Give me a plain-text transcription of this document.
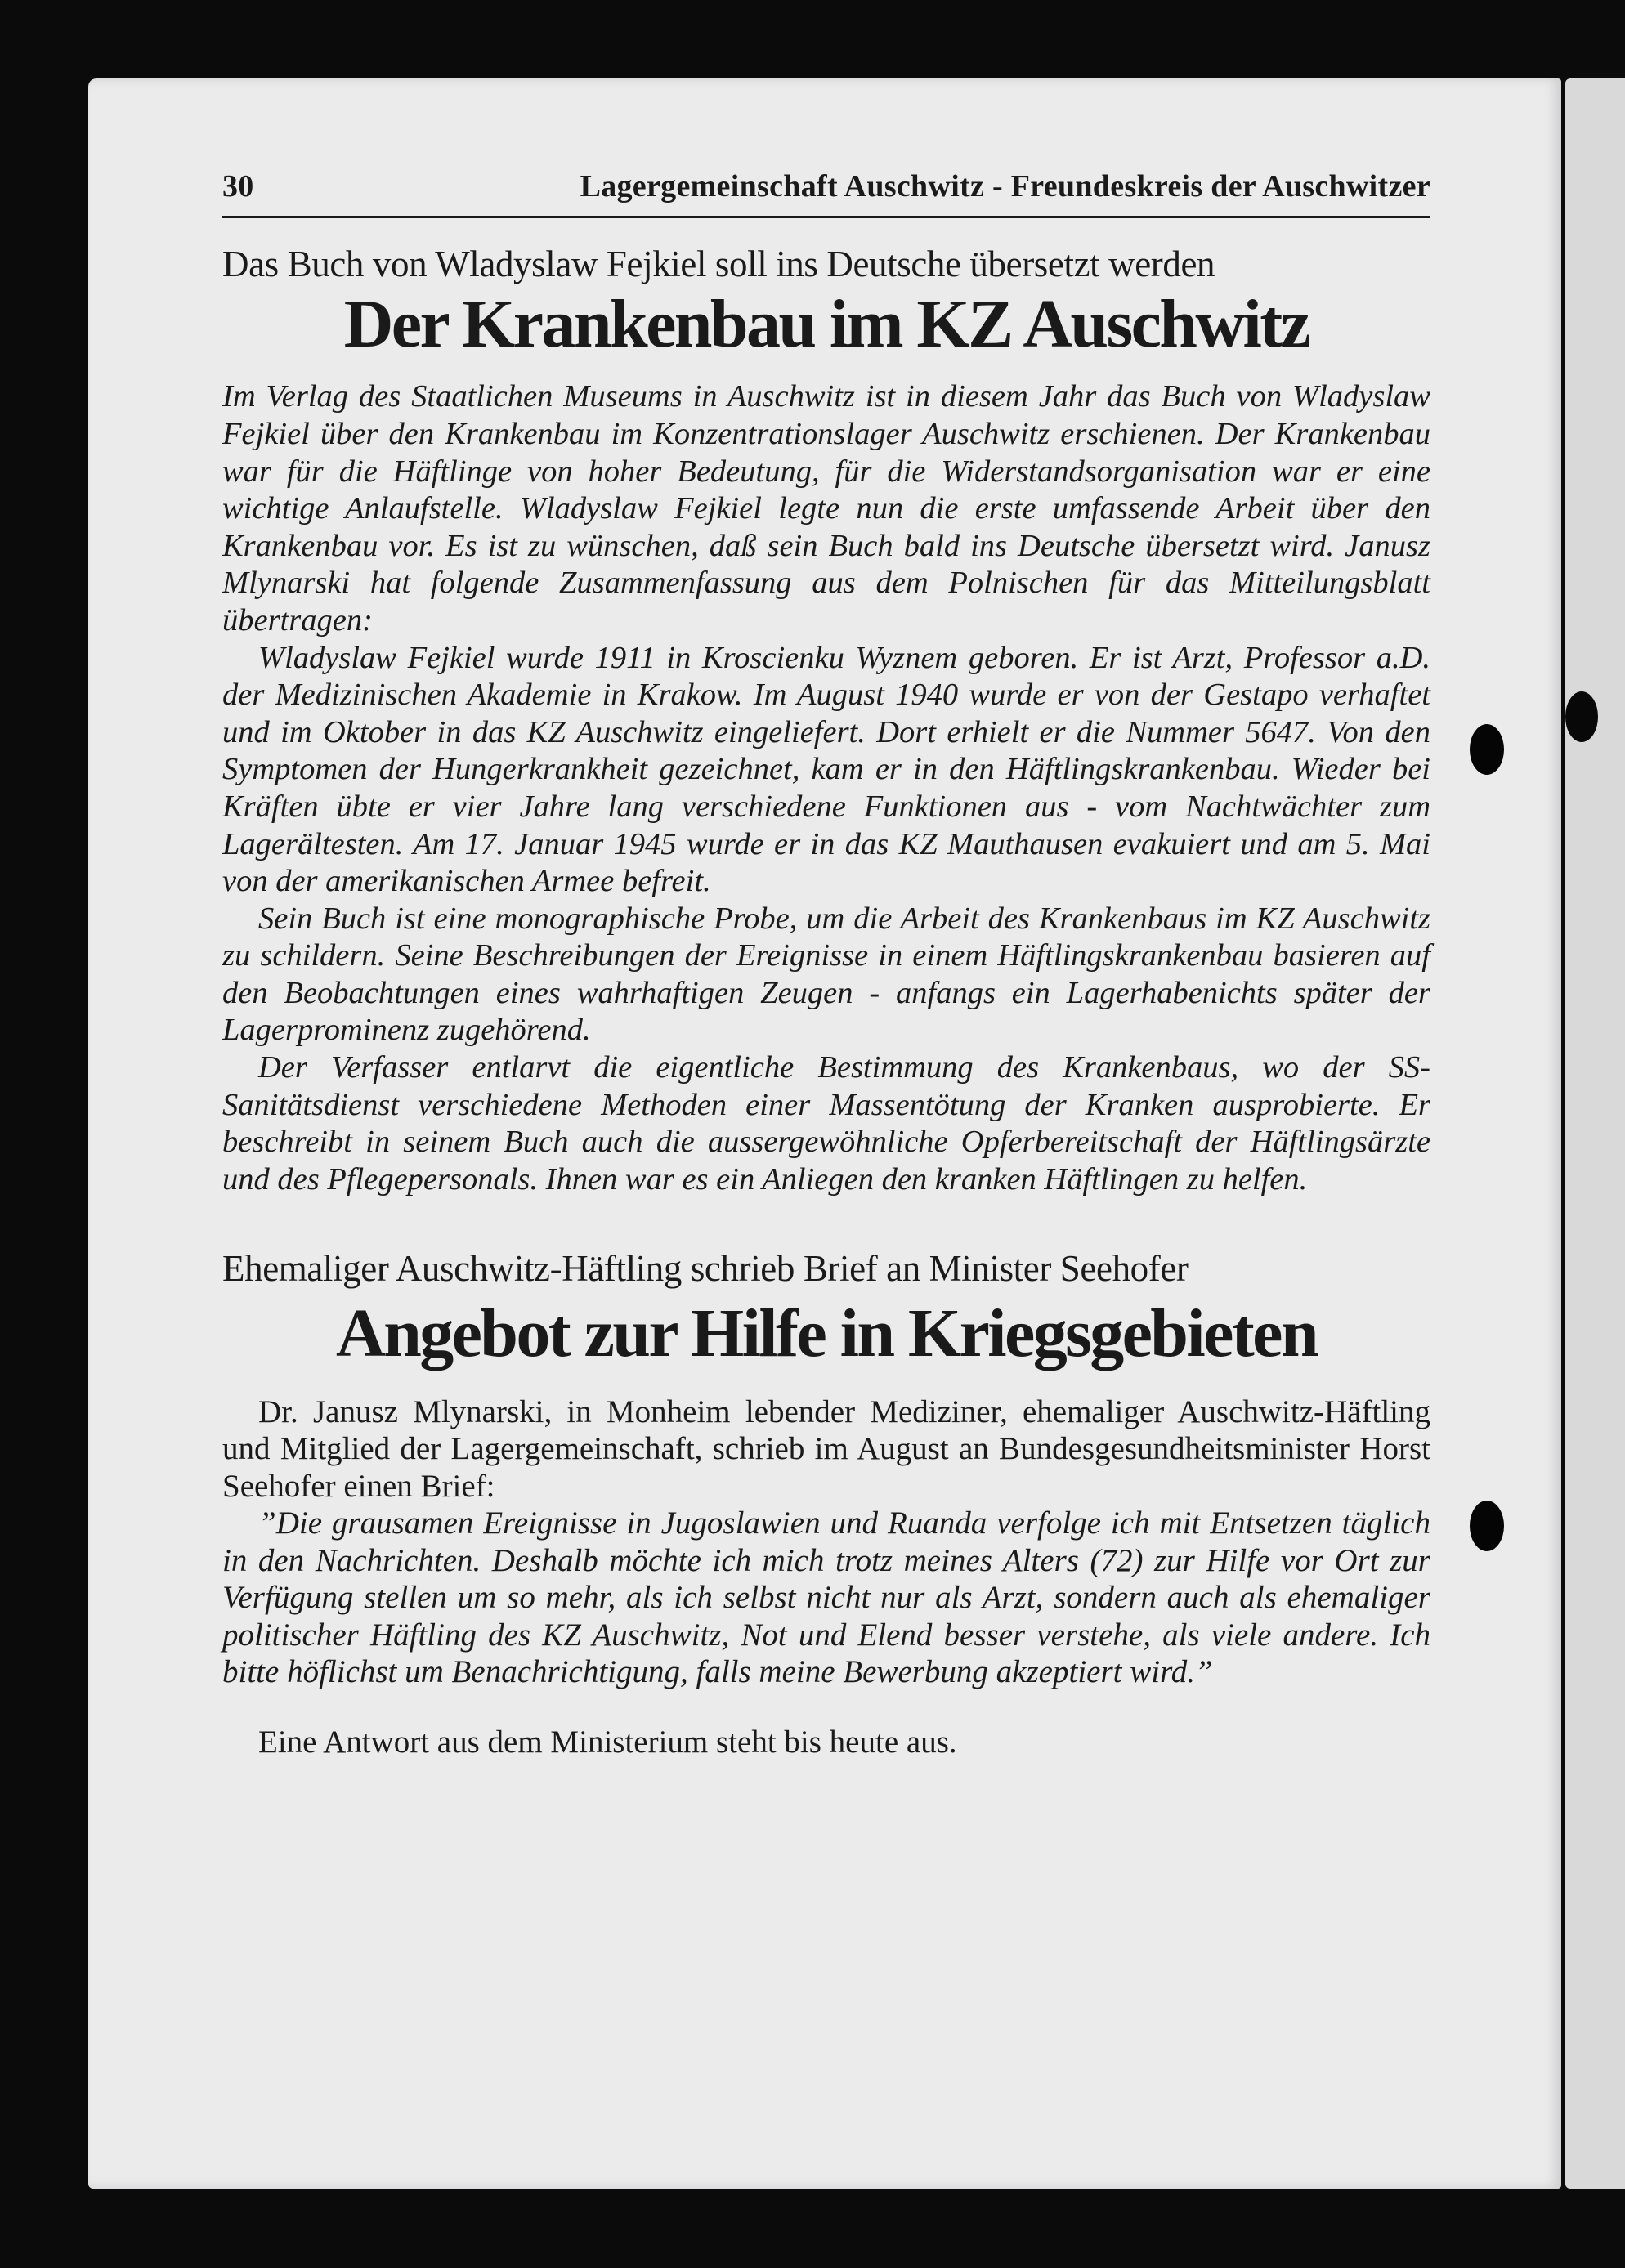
30	Lagergemeinschaft Auschwitz - Freundeskreis der Auschwitzer
Das Buch von Wladyslaw Fejkiel soll ins Deutsche übersetzt werden
Der Krankenbau im KZ Auschwitz

Im Verlag des Staatlichen Museums in Auschwitz ist in diesem Jahr das Buch von Wladyslaw Fejkiel über den Krankenbau im Konzentrationslager Auschwitz erschienen. Der Krankenbau war für die Häftlinge von hoher Bedeutung, für die Widerstandsorganisation war er eine wichtige Anlaufstelle. Wladyslaw Fejkiel legte nun die erste umfassende Arbeit über den Krankenbau vor. Es ist zu wünschen, daß sein Buch bald ins Deutsche übersetzt wird. Janusz Mlynarski hat folgende Zusammenfassung aus dem Polnischen für das Mitteilungsblatt übertragen:

Wladyslaw Fejkiel wurde 1911 in Kroscienku Wyznem geboren. Er ist Arzt, Professor a.D. der Medizinischen Akademie in Krakow. Im August 1940 wurde er von der Gestapo verhaftet und im Oktober in das KZ Auschwitz eingeliefert. Dort erhielt er die Nummer 5647. Von den Symptomen der Hungerkrankheit gezeichnet, kam er in den Häftlingskrankenbau. Wieder bei Kräften übte er vier Jahre lang verschiedene Funktionen aus - vom Nachtwächter zum Lagerältesten. Am 17. Januar 1945 wurde er in das KZ Mauthausen evakuiert und am 5. Mai von der amerikanischen Armee befreit.

Sein Buch ist eine monographische Probe, um die Arbeit des Krankenbaus im KZ Auschwitz zu schildern. Seine Beschreibungen der Ereignisse in einem Häftlingskrankenbau basieren auf den Beobachtungen eines wahrhaftigen Zeugen - anfangs ein Lagerhabenichts später der Lagerprominenz zugehörend.

Der Verfasser entlarvt die eigentliche Bestimmung des Krankenbaus, wo der SS-Sanitätsdienst verschiedene Methoden einer Massentötung der Kranken ausprobierte. Er beschreibt in seinem Buch auch die aussergewöhnliche Opferbereitschaft der Häftlingsärzte und des Pflegepersonals. Ihnen war es ein Anliegen den kranken Häftlingen zu helfen.

Ehemaliger Auschwitz-Häftling schrieb Brief an Minister Seehofer
Angebot zur Hilfe in Kriegsgebieten

Dr. Janusz Mlynarski, in Monheim lebender Mediziner, ehemaliger Auschwitz-Häftling und Mitglied der Lagergemeinschaft, schrieb im August an Bundesgesundheitsminister Horst Seehofer einen Brief:

”Die grausamen Ereignisse in Jugoslawien und Ruanda verfolge ich mit Entsetzen täglich in den Nachrichten. Deshalb möchte ich mich trotz meines Alters (72) zur Hilfe vor Ort zur Verfügung stellen um so mehr, als ich selbst nicht nur als Arzt, sondern auch als ehemaliger politischer Häftling des KZ Auschwitz, Not und Elend besser verstehe, als viele andere. Ich bitte höflichst um Benachrichtigung, falls meine Bewerbung akzeptiert wird.”

Eine Antwort aus dem Ministerium steht bis heute aus.
